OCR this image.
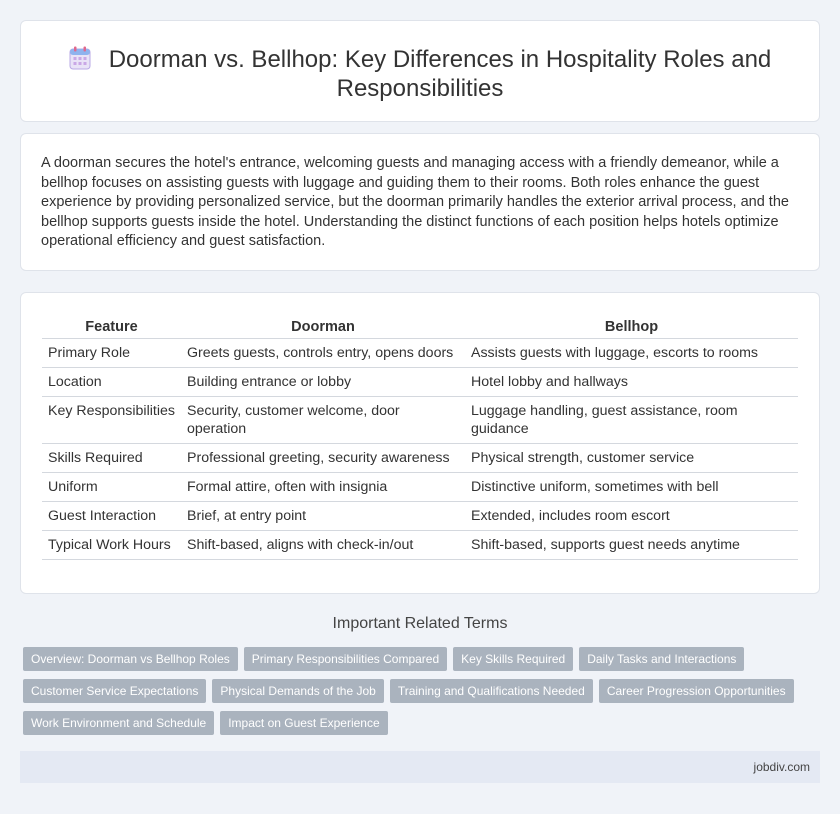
Doorman vs. Bellhop: Key Differences in Hospitality Roles and Responsibilities

A doorman secures the hotel's entrance, welcoming guests and managing access with a friendly demeanor, while a bellhop focuses on assisting guests with luggage and guiding them to their rooms. Both roles enhance the guest experience by providing personalized service, but the doorman primarily handles the exterior arrival process, and the bellhop supports guests inside the hotel. Understanding the distinct functions of each position helps hotels optimize operational efficiency and guest satisfaction.

Feature	Doorman	Bellhop
Primary Role	Greets guests, controls entry, opens doors	Assists guests with luggage, escorts to rooms
Location	Building entrance or lobby	Hotel lobby and hallways
Key Responsibilities	Security, customer welcome, door operation	Luggage handling, guest assistance, room guidance
Skills Required	Professional greeting, security awareness	Physical strength, customer service
Uniform	Formal attire, often with insignia	Distinctive uniform, sometimes with bell
Guest Interaction	Brief, at entry point	Extended, includes room escort
Typical Work Hours	Shift-based, aligns with check-in/out	Shift-based, supports guest needs anytime
Important Related Terms
Overview: Doorman vs Bellhop Roles	Primary Responsibilities Compared	Key Skills Required	Daily Tasks and Interactions
Customer Service Expectations	Physical Demands of the Job	Training and Qualifications Needed	Career Progression Opportunities
Work Environment and Schedule	Impact on Guest Experience
jobdiv.com
